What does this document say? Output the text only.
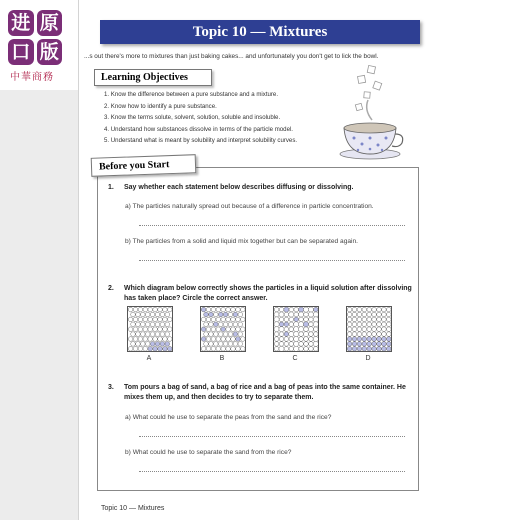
进 原
口 版
中華商務
Topic 10 — Mixtures
...s out there's more to mixtures than just baking cakes... and unfortunately you don't get to lick the bowl.
Learning Objectives
1. Know the difference between a pure substance and a mixture.
2. Know how to identify a pure substance.
3. Know the terms solute, solvent, solution, soluble and insoluble.
4. Understand how substances dissolve in terms of the particle model.
5. Understand what is meant by solubility and interpret solubility curves.
Before you Start
1. Say whether each statement below describes diffusing or dissolving.
a) The particles naturally spread out because of a difference in particle concentration.
b) The particles from a solid and liquid mix together but can be separated again.
2. Which diagram below correctly shows the particles in a liquid solution after dissolving has taken place? Circle the correct answer.
A	B	C	D
3. Tom pours a bag of sand, a bag of rice and a bag of peas into the same container. He mixes them up, and then decides to try to separate them.
a) What could he use to separate the peas from the sand and the rice?
b) What could he use to separate the sand from the rice?
Topic 10 — Mixtures
